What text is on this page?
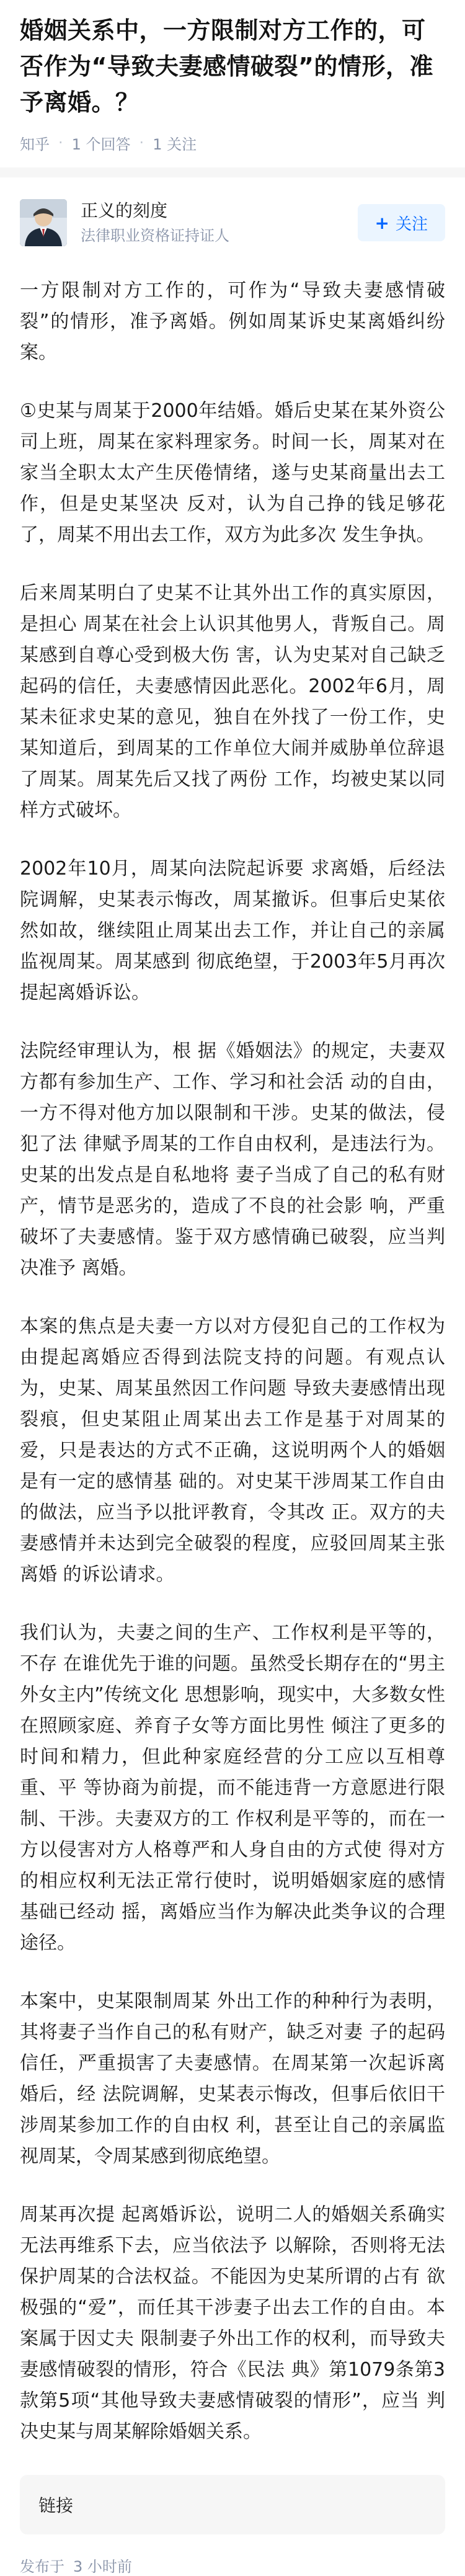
婚姻关系中，一方限制对方工作的，可否作为“导致夫妻感情破裂”的情形，准予离婚。？
知乎 · 1 个回答 · 1 关注
正义的刻度
法律职业资格证持证人
+ 关注

一方限制对方工作的，可作为“导致夫妻感情破裂”的情形，准予离婚。例如周某诉史某离婚纠纷案。

①史某与周某于2000年结婚。婚后史某在某外资公司上班，周某在家料理家务。时间一长，周某对在家当全职太太产生厌倦情绪，遂与史某商量出去工作，但是史某坚决 反对，认为自己挣的钱足够花了，周某不用出去工作，双方为此多次 发生争执。

后来周某明白了史某不让其外出工作的真实原因，是担心 周某在社会上认识其他男人，背叛自己。周某感到自尊心受到极大伤 害，认为史某对自己缺乏起码的信任，夫妻感情因此恶化。2002年6月，周某未征求史某的意见，独自在外找了一份工作，史某知道后，到周某的工作单位大闹并威胁单位辞退了周某。周某先后又找了两份 工作，均被史某以同样方式破坏。

2002年10月，周某向法院起诉要 求离婚，后经法院调解，史某表示悔改，周某撤诉。但事后史某依然如故，继续阻止周某出去工作，并让自己的亲属监视周某。周某感到 彻底绝望，于2003年5月再次提起离婚诉讼。

法院经审理认为，根 据《婚姻法》的规定，夫妻双方都有参加生产、工作、学习和社会活 动的自由，一方不得对他方加以限制和干涉。史某的做法，侵犯了法 律赋予周某的工作自由权利，是违法行为。史某的出发点是自私地将 妻子当成了自己的私有财产，情节是恶劣的，造成了不良的社会影 响，严重破坏了夫妻感情。鉴于双方感情确已破裂，应当判决准予 离婚。

本案的焦点是夫妻一方以对方侵犯自己的工作权为由提起离婚应否得到法院支持的问题。有观点认为，史某、周某虽然因工作问题 导致夫妻感情出现裂痕，但史某阻止周某出去工作是基于对周某的 爱，只是表达的方式不正确，这说明两个人的婚姻是有一定的感情基 础的。对史某干涉周某工作自由的做法，应当予以批评教育，令其改 正。双方的夫妻感情并未达到完全破裂的程度，应驳回周某主张离婚 的诉讼请求。

我们认为，夫妻之间的生产、工作权利是平等的，不存 在谁优先于谁的问题。虽然受长期存在的“男主外女主内”传统文化 思想影响，现实中，大多数女性在照顾家庭、养育子女等方面比男性 倾注了更多的时间和精力，但此种家庭经营的分工应以互相尊重、平 等协商为前提，而不能违背一方意愿进行限制、干涉。夫妻双方的工 作权利是平等的，而在一方以侵害对方人格尊严和人身自由的方式使 得对方的相应权利无法正常行使时，说明婚姻家庭的感情基础已经动 摇，离婚应当作为解决此类争议的合理途径。

本案中，史某限制周某 外出工作的种种行为表明，其将妻子当作自己的私有财产，缺乏对妻 子的起码信任，严重损害了夫妻感情。在周某第一次起诉离婚后，经 法院调解，史某表示悔改，但事后依旧干涉周某参加工作的自由权 利，甚至让自己的亲属监视周某，令周某感到彻底绝望。

周某再次提 起离婚诉讼，说明二人的婚姻关系确实无法再维系下去，应当依法予 以解除，否则将无法保护周某的合法权益。不能因为史某所谓的占有 欲极强的“爱”，而任其干涉妻子出去工作的自由。本案属于因丈夫 限制妻子外出工作的权利，而导致夫妻感情破裂的情形，符合《民法 典》第1079条第3款第5项“其他导致夫妻感情破裂的情形”，应当 判决史某与周某解除婚姻关系。

链接
发布于 3 小时前
